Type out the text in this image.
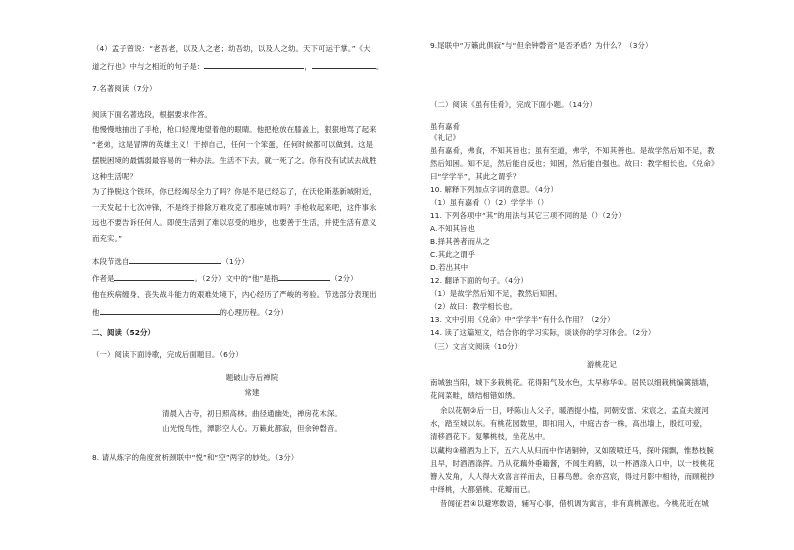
（4）孟子曾说：“老吾老，以及人之老；幼吾幼，以及人之幼。天下可运于掌。”《大
道之行也》中与之相近的句子是：	，	。
7.名著阅读（7分）
阅读下面名著选段，根据要求作答。
他慢慢地抽出了手枪，枪口轻蔑地望着他的眼睛。他把枪放在膝盖上，狠狠地骂了起来
“老弟，这是冒牌的英雄主义！干掉自己，任何一个笨蛋，任何时候都可以做到。这是
摆脱困境的最懦弱最容易的一种办法。生活不下去，就一死了之。你有没有试试去战胜
这种生活呢？
为了挣脱这个铁环，你已经竭尽全力了吗？你是不是已经忘了，在沃伦斯基新城附近，
一天发起十七次冲锋，不是终于排除万难攻克了那座城市吗？手枪收起来吧，这件事永
远也不要告诉任何人。即使生活到了难以忍受的地步，也要善于生活，并使生活有意义
而充实。”
本段节选自	（1分）
作者是	。（2分）文中的“他”是指	（2分）
他在疾病缠身、丧失战斗能力的艰难处境下，内心经历了严峻的考验。节选部分表现出
他	的心理历程。（2分）
二、阅读（52分）
（一）阅读下面诗歌，完成后面题目。（6分）
题破山寺后禅院
常建
清晨入古寺，初日照高林。曲径通幽处，禅房花木深。
山光悦鸟性，潭影空人心。万籁此都寂，但余钟磬音。
8. 请从炼字的角度赏析颈联中“悦”和“空”两字的妙处。（3分）
9.尾联中“万籁此俱寂”与“但余钟磬音”是否矛盾？为什么？（3分）
（二）阅读《虽有佳肴》，完成下面小题。（14分）
虽有嘉肴
《礼记》
虽有嘉肴，弗食，不知其旨也；虽有至道，弗学，不知其善也。是故学然后知不足，教
然后知困。知不足，然后能自反也；知困，然后能自强也。故曰：教学相长也。《兑命》
曰“学学半”，其此之谓乎？
10. 解释下列加点字词的意思。（4分）
（1）虽有嘉肴（）（2）学学半（）
11. 下列各项中“其”的用法与其它三项不同的是（）（2分）
A.不知其旨也
B.择其善者而从之
C.其此之谓乎
D.若出其中
12. 翻译下面的句子。（4分）
（1）是故学然后知不足，教然后知困。
（2）故曰：教学相长也。
13. 文中引用《兑命》中“学学半”有什么作用？（2分）
14. 读了这篇短文，结合你的学习实际，谈谈你的学习体会。（2分）
（三）文言文阅读（10分）
游桃花记
南城独当阳，城下多栽桃花。花得阳气及水色，太早称华①。居民以细栽桃编篱插墙，
花间菜畦，绩结相错如绣。
余以花朝②后一日，呼陈山人父子，暖酒提小榼，同朝安雷、宋宸之、孟直夫渡河
水，踏至城以东。有桃花园数里，即扣用入，中庭古杏一株，高出墙上，殷红可爱，
清移酒花下。复攀桃枝，坐花丛中。
以藏构③稽酒为上下，五六人从归而中作诸铜钟，又如陂喷迁马，探叶闹飘，惟愁枝腕
且早，时酒酒涤挥。乃从花藕外垂籍酱，不闻生鸡鹤，以一杯酒涤入口中，以一枝桃花
簪入发角，人人得大欢喜言祥而去，日暮鸟憩。余亦宫宸，得过月影中相待，而顾税抄
中绎桃，大都猎桃、花瓣而已。
昔闻征君④以避寒数语，辅写心事，借机调为寓言，非有真桃源也。今桃花近在城
